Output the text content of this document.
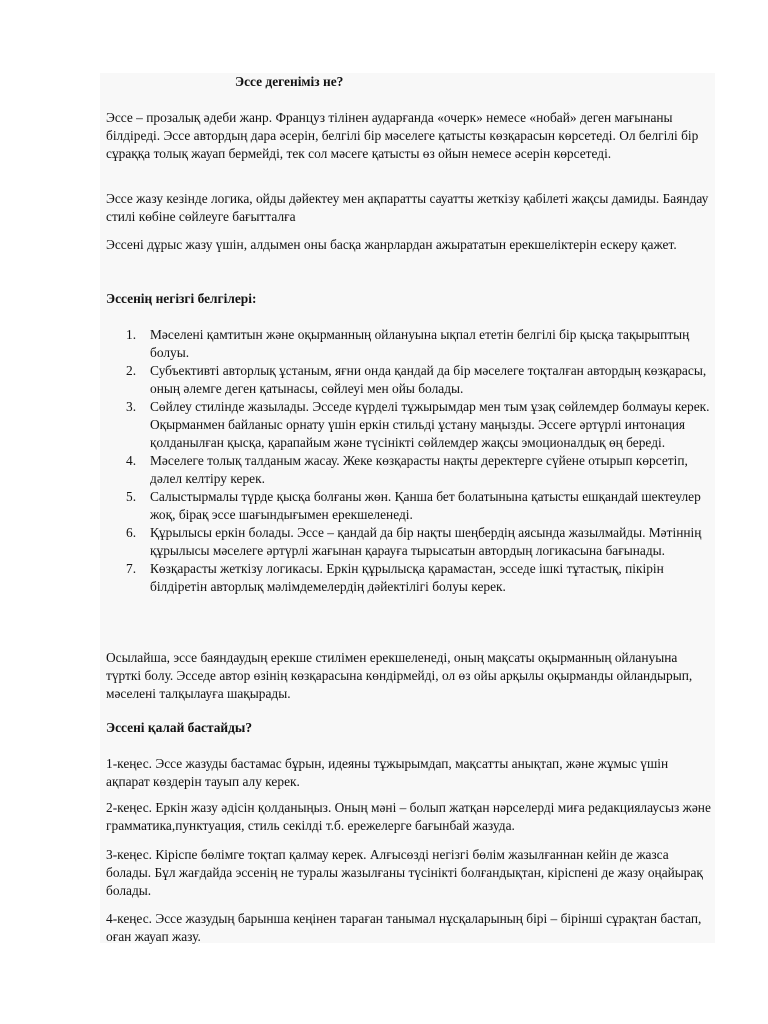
Эссе дегеніміз не?

Эссе – прозалық әдеби жанр. Француз тілінен аударғанда «очерк» немесе «нобай» деген мағынаны білдіреді. Эссе автордың дара әсерін, белгілі бір мәселеге қатысты көзқарасын көрсетеді. Ол белгілі бір сұраққа толық жауап бермейді, тек сол мәсеге қатысты өз ойын немесе әсерін көрсетеді.

Эссе жазу кезінде логика, ойды дәйектеу мен ақпаратты сауатты жеткізу қабілеті жақсы дамиды. Баяндау стилі көбіне сөйлеуге бағытталға

Эссені дұрыс жазу үшін, алдымен оны басқа жанрлардан ажырататын ерекшеліктерін ескеру қажет.

Эссенің негізгі белгілері:

1. Мәселені қамтитын және оқырманның ойлануына ықпал ететін белгілі бір қысқа тақырыптың болуы.
2. Субъективті авторлық ұстаным, яғни онда қандай да бір мәселеге тоқталған автордың көзқарасы, оның әлемге деген қатынасы, сөйлеуі мен ойы болады.
3. Сөйлеу стилінде жазылады. Эсседе күрделі тұжырымдар мен тым ұзақ сөйлемдер болмауы керек. Оқырманмен байланыс орнату үшін еркін стильді ұстану маңызды. Эссеге әртүрлі интонация қолданылған қысқа, қарапайым және түсінікті сөйлемдер жақсы эмоционалдық өң береді.
4. Мәселеге толық талданым жасау. Жеке көзқарасты нақты деректерге сүйене отырып көрсетіп, дәлел келтіру керек.
5. Салыстырмалы түрде қысқа болғаны жөн. Қанша бет болатынына қатысты ешқандай шектеулер жоқ, бірақ эссе шағындығымен ерекшеленеді.
6. Құрылысы еркін болады. Эссе – қандай да бір нақты шеңбердің аясында жазылмайды. Мәтіннің құрылысы мәселеге әртүрлі жағынан қарауға тырысатын автордың логикасына бағынады.
7. Көзқарасты жеткізу логикасы. Еркін құрылысқа қарамастан, эсседе ішкі тұтастық, пікірін білдіретін авторлық мәлімдемелердің дәйектілігі болуы керек.

Осылайша, эссе баяндаудың ерекше стилімен ерекшеленеді, оның мақсаты оқырманның ойлануына түрткі болу. Эсседе автор өзінің көзқарасына көндірмейді, ол өз ойы арқылы оқырманды ойландырып, мәселені талқылауға шақырады.

Эссені қалай бастайды?

1-кеңес. Эссе жазуды бастамас бұрын, идеяны тұжырымдап, мақсатты анықтап, және жұмыс үшін ақпарат көздерін тауып алу керек.

2-кеңес. Еркін жазу әдісін қолданыңыз. Оның мәні – болып жатқан нәрселерді миға редакциялаусыз және грамматика,пунктуация, стиль секілді т.б. ережелерге бағынбай жазуда.

3-кеңес. Кіріспе бөлімге тоқтап қалмау керек. Алғысөзді негізгі бөлім жазылғаннан кейін де жазса болады. Бұл жағдайда эссенің не туралы жазылғаны түсінікті болғандықтан, кіріспені де жазу оңайырақ болады.

4-кеңес. Эссе жазудың барынша кеңінен тараған танымал нұсқаларының бірі – біріншi сұрақтан бастап, оған жауап жазу.
